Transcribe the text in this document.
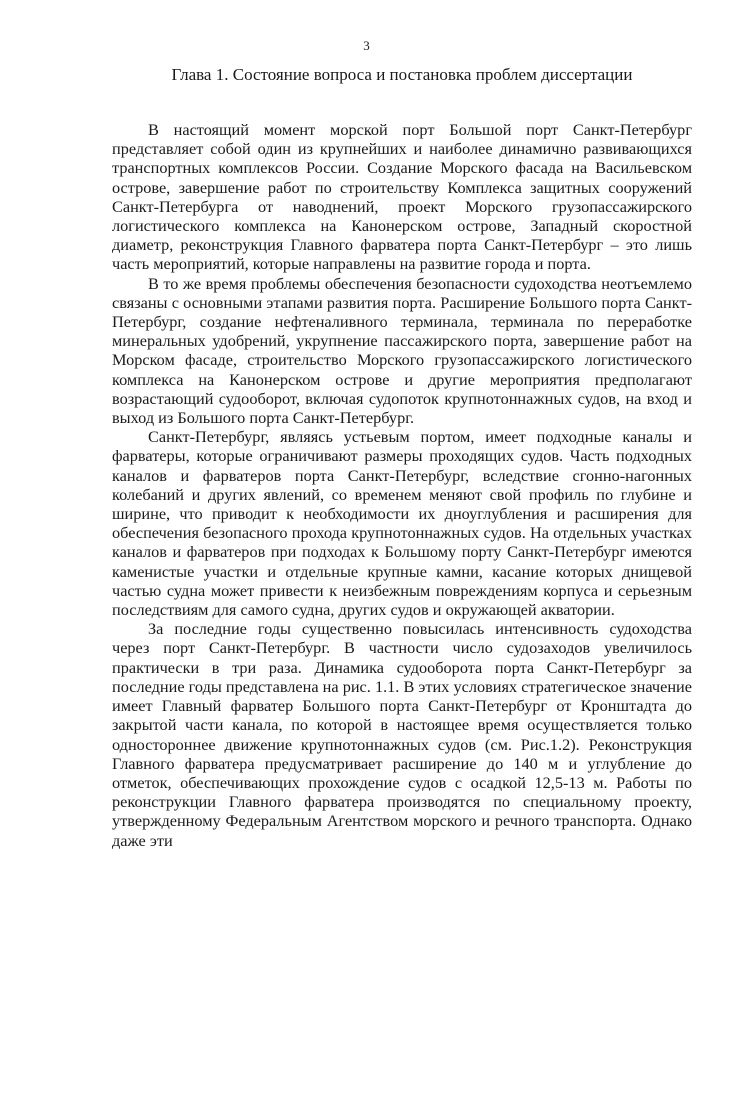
3
Глава 1. Состояние вопроса и постановка проблем диссертации

В настоящий момент морской порт Большой порт Санкт-Петербург представляет собой один из крупнейших и наиболее динамично развивающихся транспортных комплексов России. Создание Морского фасада на Васильевском острове, завершение работ по строительству Комплекса защитных сооружений Санкт-Петербурга от наводнений, проект Морского грузопассажирского логистического комплекса на Канонерском острове, Западный скоростной диаметр, реконструкция Главного фарватера порта Санкт-Петербург – это лишь часть мероприятий, которые направлены на развитие города и порта.

В то же время проблемы обеспечения безопасности судоходства неотъемлемо связаны с основными этапами развития порта. Расширение Большого порта Санкт-Петербург, создание нефтеналивного терминала, терминала по переработке минеральных удобрений, укрупнение пассажирского порта, завершение работ на Морском фасаде, строительство Морского грузопассажирского логистического комплекса на Канонерском острове и другие мероприятия предполагают возрастающий судооборот, включая судопоток крупнотоннажных судов, на вход и выход из Большого порта Санкт-Петербург.

Санкт-Петербург, являясь устьевым портом, имеет подходные каналы и фарватеры, которые ограничивают размеры проходящих судов. Часть подходных каналов и фарватеров порта Санкт-Петербург, вследствие сгонно-нагонных колебаний и других явлений, со временем меняют свой профиль по глубине и ширине, что приводит к необходимости их дноуглубления и расширения для обеспечения безопасного прохода крупнотоннажных судов. На отдельных участках каналов и фарватеров при подходах к Большому порту Санкт-Петербург имеются каменистые участки и отдельные крупные камни, касание которых днищевой частью судна может привести к неизбежным повреждениям корпуса и серьезным последствиям для самого судна, других судов и окружающей акватории.

За последние годы существенно повысилась интенсивность судоходства через порт Санкт-Петербург. В частности число судозаходов увеличилось практически в три раза. Динамика судооборота порта Санкт-Петербург за последние годы представлена на рис. 1.1. В этих условиях стратегическое значение имеет Главный фарватер Большого порта Санкт-Петербург от Кронштадта до закрытой части канала, по которой в настоящее время осуществляется только одностороннее движение крупнотоннажных судов (см. Рис.1.2). Реконструкция Главного фарватера предусматривает расширение до 140 м и углубление до отметок, обеспечивающих прохождение судов с осадкой 12,5-13 м. Работы по реконструкции Главного фарватера производятся по специальному проекту, утвержденному Федеральным Агентством морского и речного транспорта. Однако даже эти
